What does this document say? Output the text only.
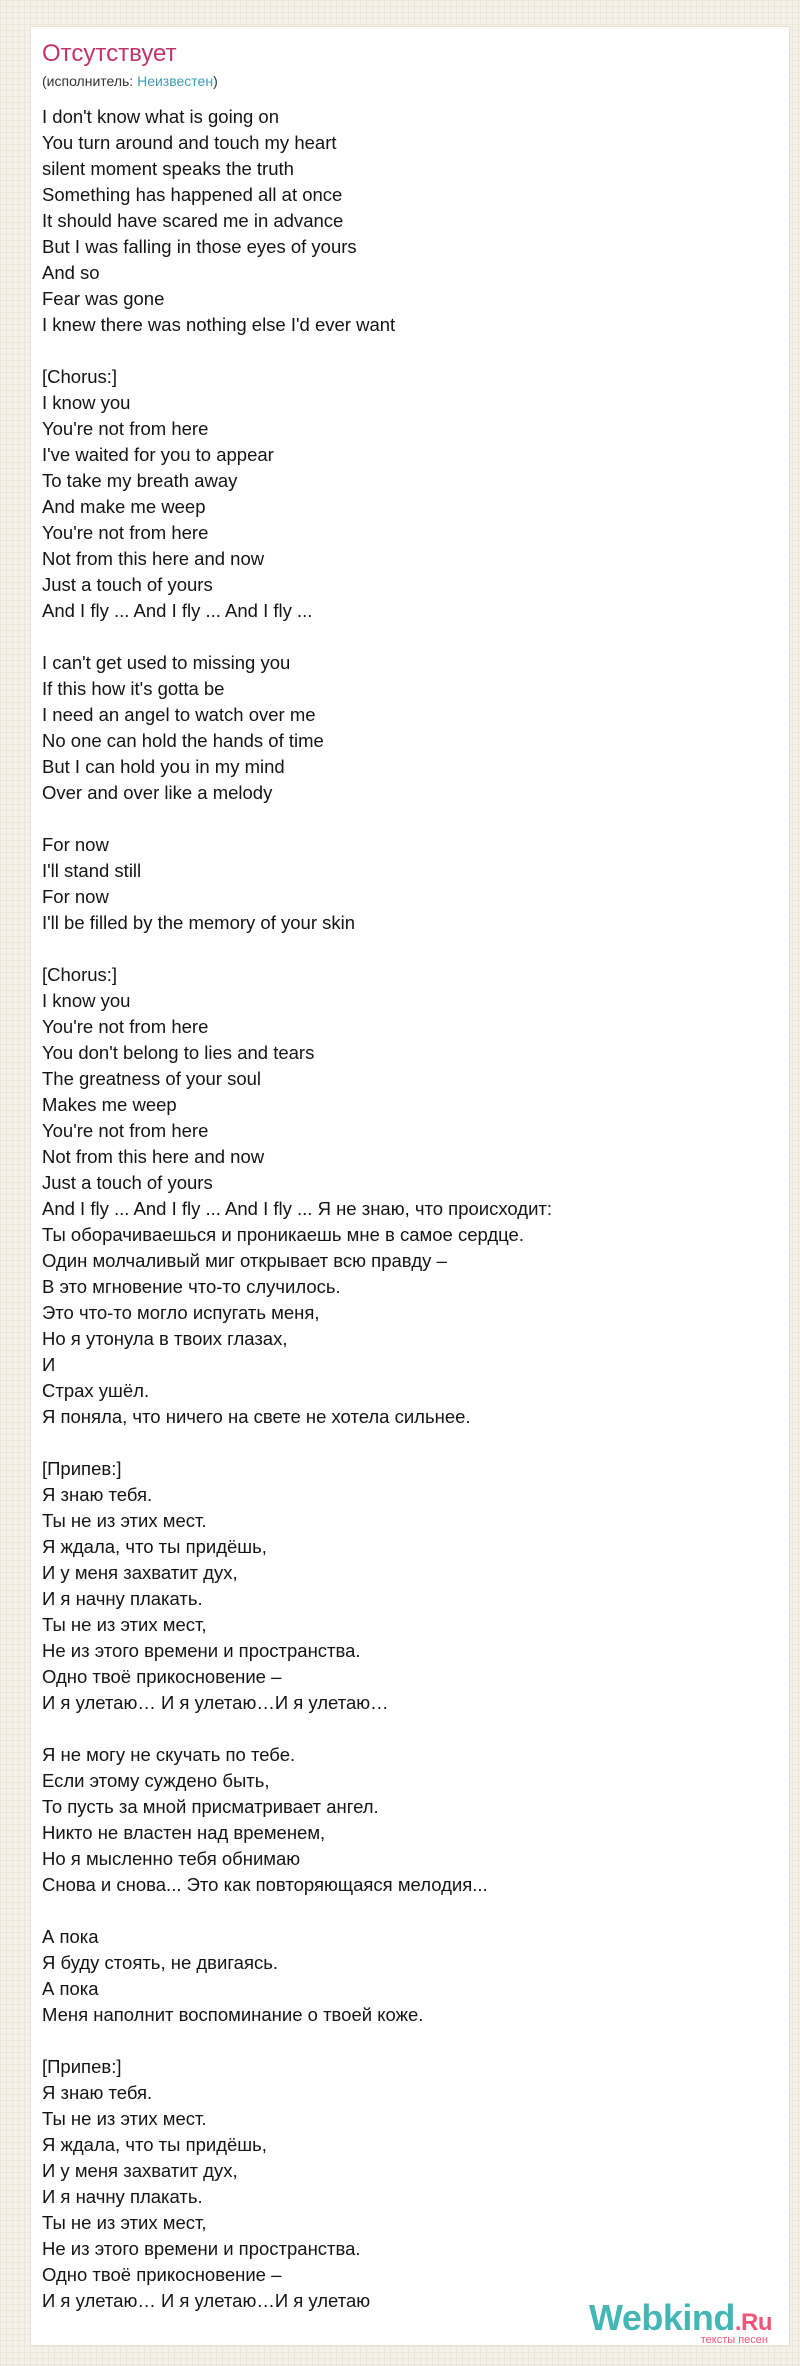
Отсутствует
(исполнитель: Неизвестен)
I don't know what is going on
You turn around and touch my heart
silent moment speaks the truth
Something has happened all at once
It should have scared me in advance
But I was falling in those eyes of yours
And so
Fear was gone
I knew there was nothing else I'd ever want
[Chorus:]
I know you
You're not from here
I've waited for you to appear
To take my breath away
And make me weep
You're not from here
Not from this here and now
Just a touch of yours
And I fly ... And I fly ... And I fly ...
I can't get used to missing you
If this how it's gotta be
I need an angel to watch over me
No one can hold the hands of time
But I can hold you in my mind
Over and over like a melody
For now
I'll stand still
For now
I'll be filled by the memory of your skin
[Chorus:]
I know you
You're not from here
You don't belong to lies and tears
The greatness of your soul
Makes me weep
You're not from here
Not from this here and now
Just a touch of yours
And I fly ... And I fly ... And I fly ... Я не знаю, что происходит:
Ты оборачиваешься и проникаешь мне в самое сердце.
Один молчаливый миг открывает всю правду –
В это мгновение что-то случилось.
Это что-то могло испугать меня,
Но я утонула в твоих глазах,
И
Страх ушёл.
Я поняла, что ничего на свете не хотела сильнее.
[Припев:]
Я знаю тебя.
Ты не из этих мест.
Я ждала, что ты придёшь,
И у меня захватит дух,
И я начну плакать.
Ты не из этих мест,
Не из этого времени и пространства.
Одно твоё прикосновение –
И я улетаю… И я улетаю…И я улетаю…
Я не могу не скучать по тебе.
Если этому суждено быть,
То пусть за мной присматривает ангел.
Никто не властен над временем,
Но я мысленно тебя обнимаю
Снова и снова... Это как повторяющаяся мелодия...
А пока
Я буду стоять, не двигаясь.
А пока
Меня наполнит воспоминание о твоей коже.
[Припев:]
Я знаю тебя.
Ты не из этих мест.
Я ждала, что ты придёшь,
И у меня захватит дух,
И я начну плакать.
Ты не из этих мест,
Не из этого времени и пространства.
Одно твоё прикосновение –
И я улетаю… И я улетаю…И я улетаю	Webkind.Ru
тексты песен
